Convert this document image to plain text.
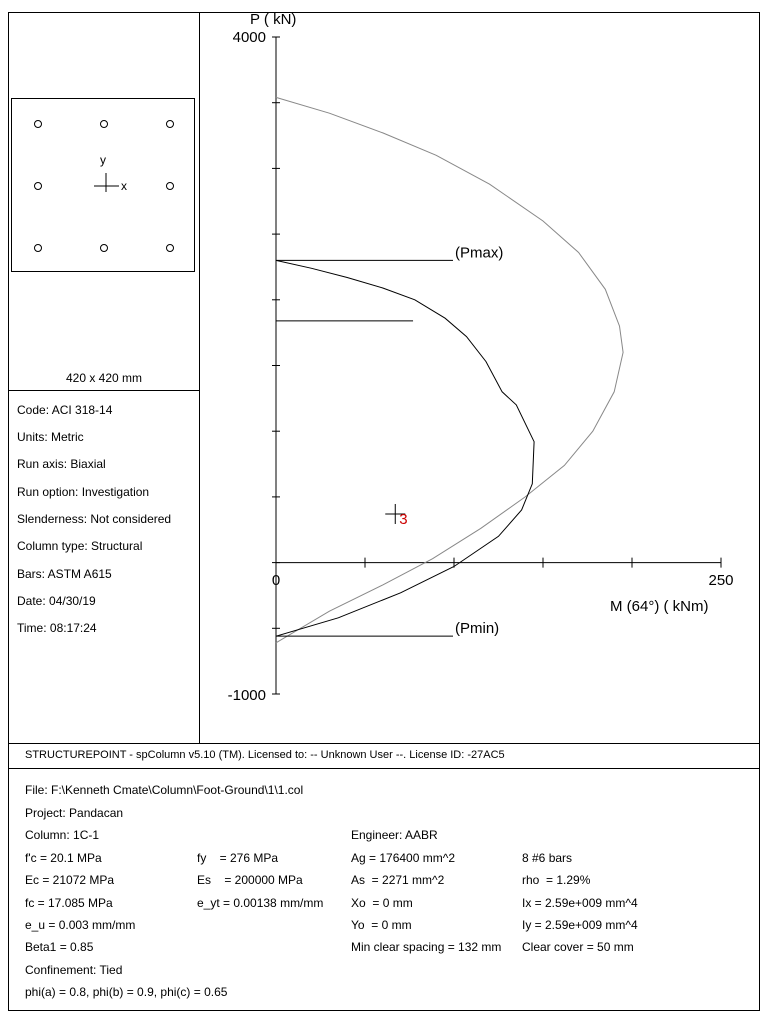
x
y
420 x 420 mm
Code: ACI 318-14
Units: Metric
Run axis: Biaxial
Run option: Investigation
Slenderness: Not considered
Column type: Structural
Bars: ASTM A615
Date: 04/30/19
Time: 08:17:24
(Pmax)
(Pmin)
3
P ( kN)
M (64°) ( kNm)
4000
-1000
0	250
STRUCTUREPOINT - spColumn v5.10 (TM). Licensed to: -- Unknown User --. License ID: -27AC5
File: F:\Kenneth Cmate\Column\Foot-Ground\1\1.col
Project: Pandacan
Column: 1C-1	Engineer: AABR
f'c = 20.1 MPa
Ec = 21072 MPa
fc = 17.085 MPa
e_u = 0.003 mm/mm
Beta1 = 0.85
Confinement: Tied
phi(a) = 0.8, phi(b) = 0.9, phi(c) = 0.65
fy    = 276 MPa
Es    = 200000 MPa
e_yt = 0.00138 mm/mm
Ag = 176400 mm^2
As  = 2271 mm^2
Xo  = 0 mm
Yo  = 0 mm
Min clear spacing = 132 mm
8 #6 bars
rho  = 1.29%
Ix = 2.59e+009 mm^4
Iy = 2.59e+009 mm^4
Clear cover = 50 mm
